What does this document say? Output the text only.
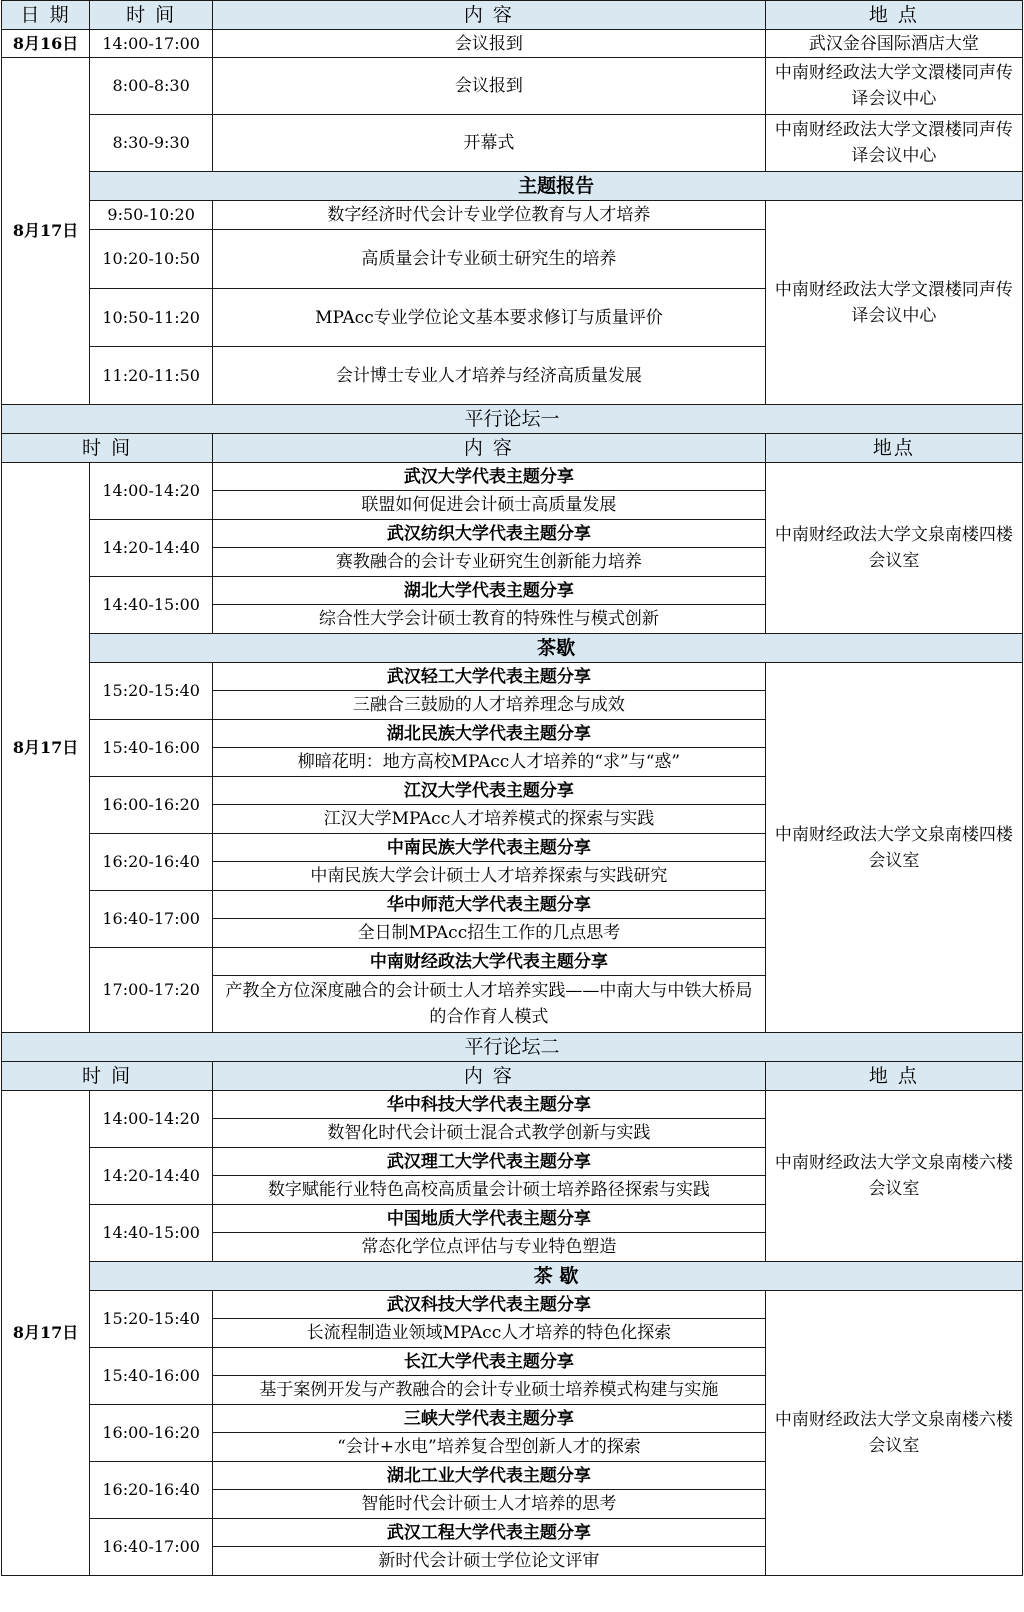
日 期	时 间	内 容	地 点
8月16日	14:00-17:00	会议报到	武汉金谷国际酒店大堂
8月17日	8:00-8:30	会议报到	中南财经政法大学文澴楼同声传译会议中心
	8:30-9:30	开幕式	中南财经政法大学文澴楼同声传译会议中心
	主题报告		
	9:50-10:20	数字经济时代会计专业学位教育与人才培养	中南财经政法大学文澴楼同声传译会议中心
	10:20-10:50	高质量会计专业硕士研究生的培养	
	10:50-11:20	MPAcc专业学位论文基本要求修订与质量评价	
	11:20-11:50	会计博士专业人才培养与经济高质量发展	
平行论坛一			
时 间		内 容	地点
8月17日	14:00-14:20	武汉大学代表主题分享	中南财经政法大学文泉南楼四楼会议室
		联盟如何促进会计硕士高质量发展	
	14:20-14:40	武汉纺织大学代表主题分享	
		赛教融合的会计专业研究生创新能力培养	
	14:40-15:00	湖北大学代表主题分享	
		综合性大学会计硕士教育的特殊性与模式创新	
	茶歇		
	15:20-15:40	武汉轻工大学代表主题分享	中南财经政法大学文泉南楼四楼会议室
		三融合三鼓励的人才培养理念与成效	
	15:40-16:00	湖北民族大学代表主题分享	
		柳暗花明：地方高校MPAcc人才培养的“求”与“惑”	
	16:00-16:20	江汉大学代表主题分享	
		江汉大学MPAcc人才培养模式的探索与实践	
	16:20-16:40	中南民族大学代表主题分享	
		中南民族大学会计硕士人才培养探索与实践研究	
	16:40-17:00	华中师范大学代表主题分享	
		全日制MPAcc招生工作的几点思考	
	17:00-17:20	中南财经政法大学代表主题分享	
		产教全方位深度融合的会计硕士人才培养实践——中南大与中铁大桥局的合作育人模式	
平行论坛二			
时 间		内 容	地 点
8月17日	14:00-14:20	华中科技大学代表主题分享	中南财经政法大学文泉南楼六楼会议室
		数智化时代会计硕士混合式教学创新与实践	
	14:20-14:40	武汉理工大学代表主题分享	
		数字赋能行业特色高校高质量会计硕士培养路径探索与实践	
	14:40-15:00	中国地质大学代表主题分享	
		常态化学位点评估与专业特色塑造	
	茶 歇		
	15:20-15:40	武汉科技大学代表主题分享	中南财经政法大学文泉南楼六楼会议室
		长流程制造业领域MPAcc人才培养的特色化探索	
	15:40-16:00	长江大学代表主题分享	
		基于案例开发与产教融合的会计专业硕士培养模式构建与实施	
	16:00-16:20	三峡大学代表主题分享	
		“会计+水电”培养复合型创新人才的探索	
	16:20-16:40	湖北工业大学代表主题分享	
		智能时代会计硕士人才培养的思考	
	16:40-17:00	武汉工程大学代表主题分享	
		新时代会计硕士学位论文评审	
